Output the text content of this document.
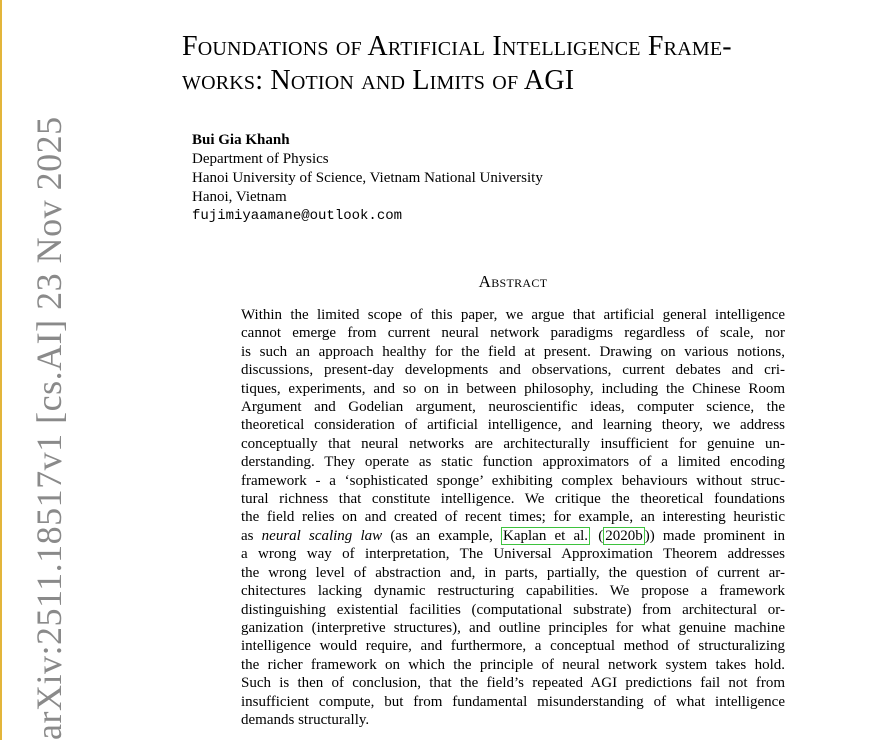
arXiv:2511.18517v1 [cs.AI] 23 Nov 2025
Foundations of Artificial Intelligence Frame-
works: Notion and Limits of AGI
Bui Gia Khanh
Department of Physics
Hanoi University of Science, Vietnam National University
Hanoi, Vietnam
fujimiyaamane@outlook.com
Abstract
Within the limited scope of this paper, we argue that artificial general intelligence
cannot emerge from current neural network paradigms regardless of scale, nor
is such an approach healthy for the field at present. Drawing on various notions,
discussions, present-day developments and observations, current debates and cri-
tiques, experiments, and so on in between philosophy, including the Chinese Room
Argument and Godelian argument, neuroscientific ideas, computer science, the
theoretical consideration of artificial intelligence, and learning theory, we address
conceptually that neural networks are architecturally insufficient for genuine un-
derstanding. They operate as static function approximators of a limited encoding
framework - a ‘sophisticated sponge’ exhibiting complex behaviours without struc-
tural richness that constitute intelligence. We critique the theoretical foundations
the field relies on and created of recent times; for example, an interesting heuristic
as neural scaling law (as an example, Kaplan et al. ( 2020b )) made prominent in
a wrong way of interpretation, The Universal Approximation Theorem addresses
the wrong level of abstraction and, in parts, partially, the question of current ar-
chitectures lacking dynamic restructuring capabilities. We propose a framework
distinguishing existential facilities (computational substrate) from architectural or-
ganization (interpretive structures), and outline principles for what genuine machine
intelligence would require, and furthermore, a conceptual method of structuralizing
the richer framework on which the principle of neural network system takes hold.
Such is then of conclusion, that the field’s repeated AGI predictions fail not from
insufficient compute, but from fundamental misunderstanding of what intelligence
demands structurally.
